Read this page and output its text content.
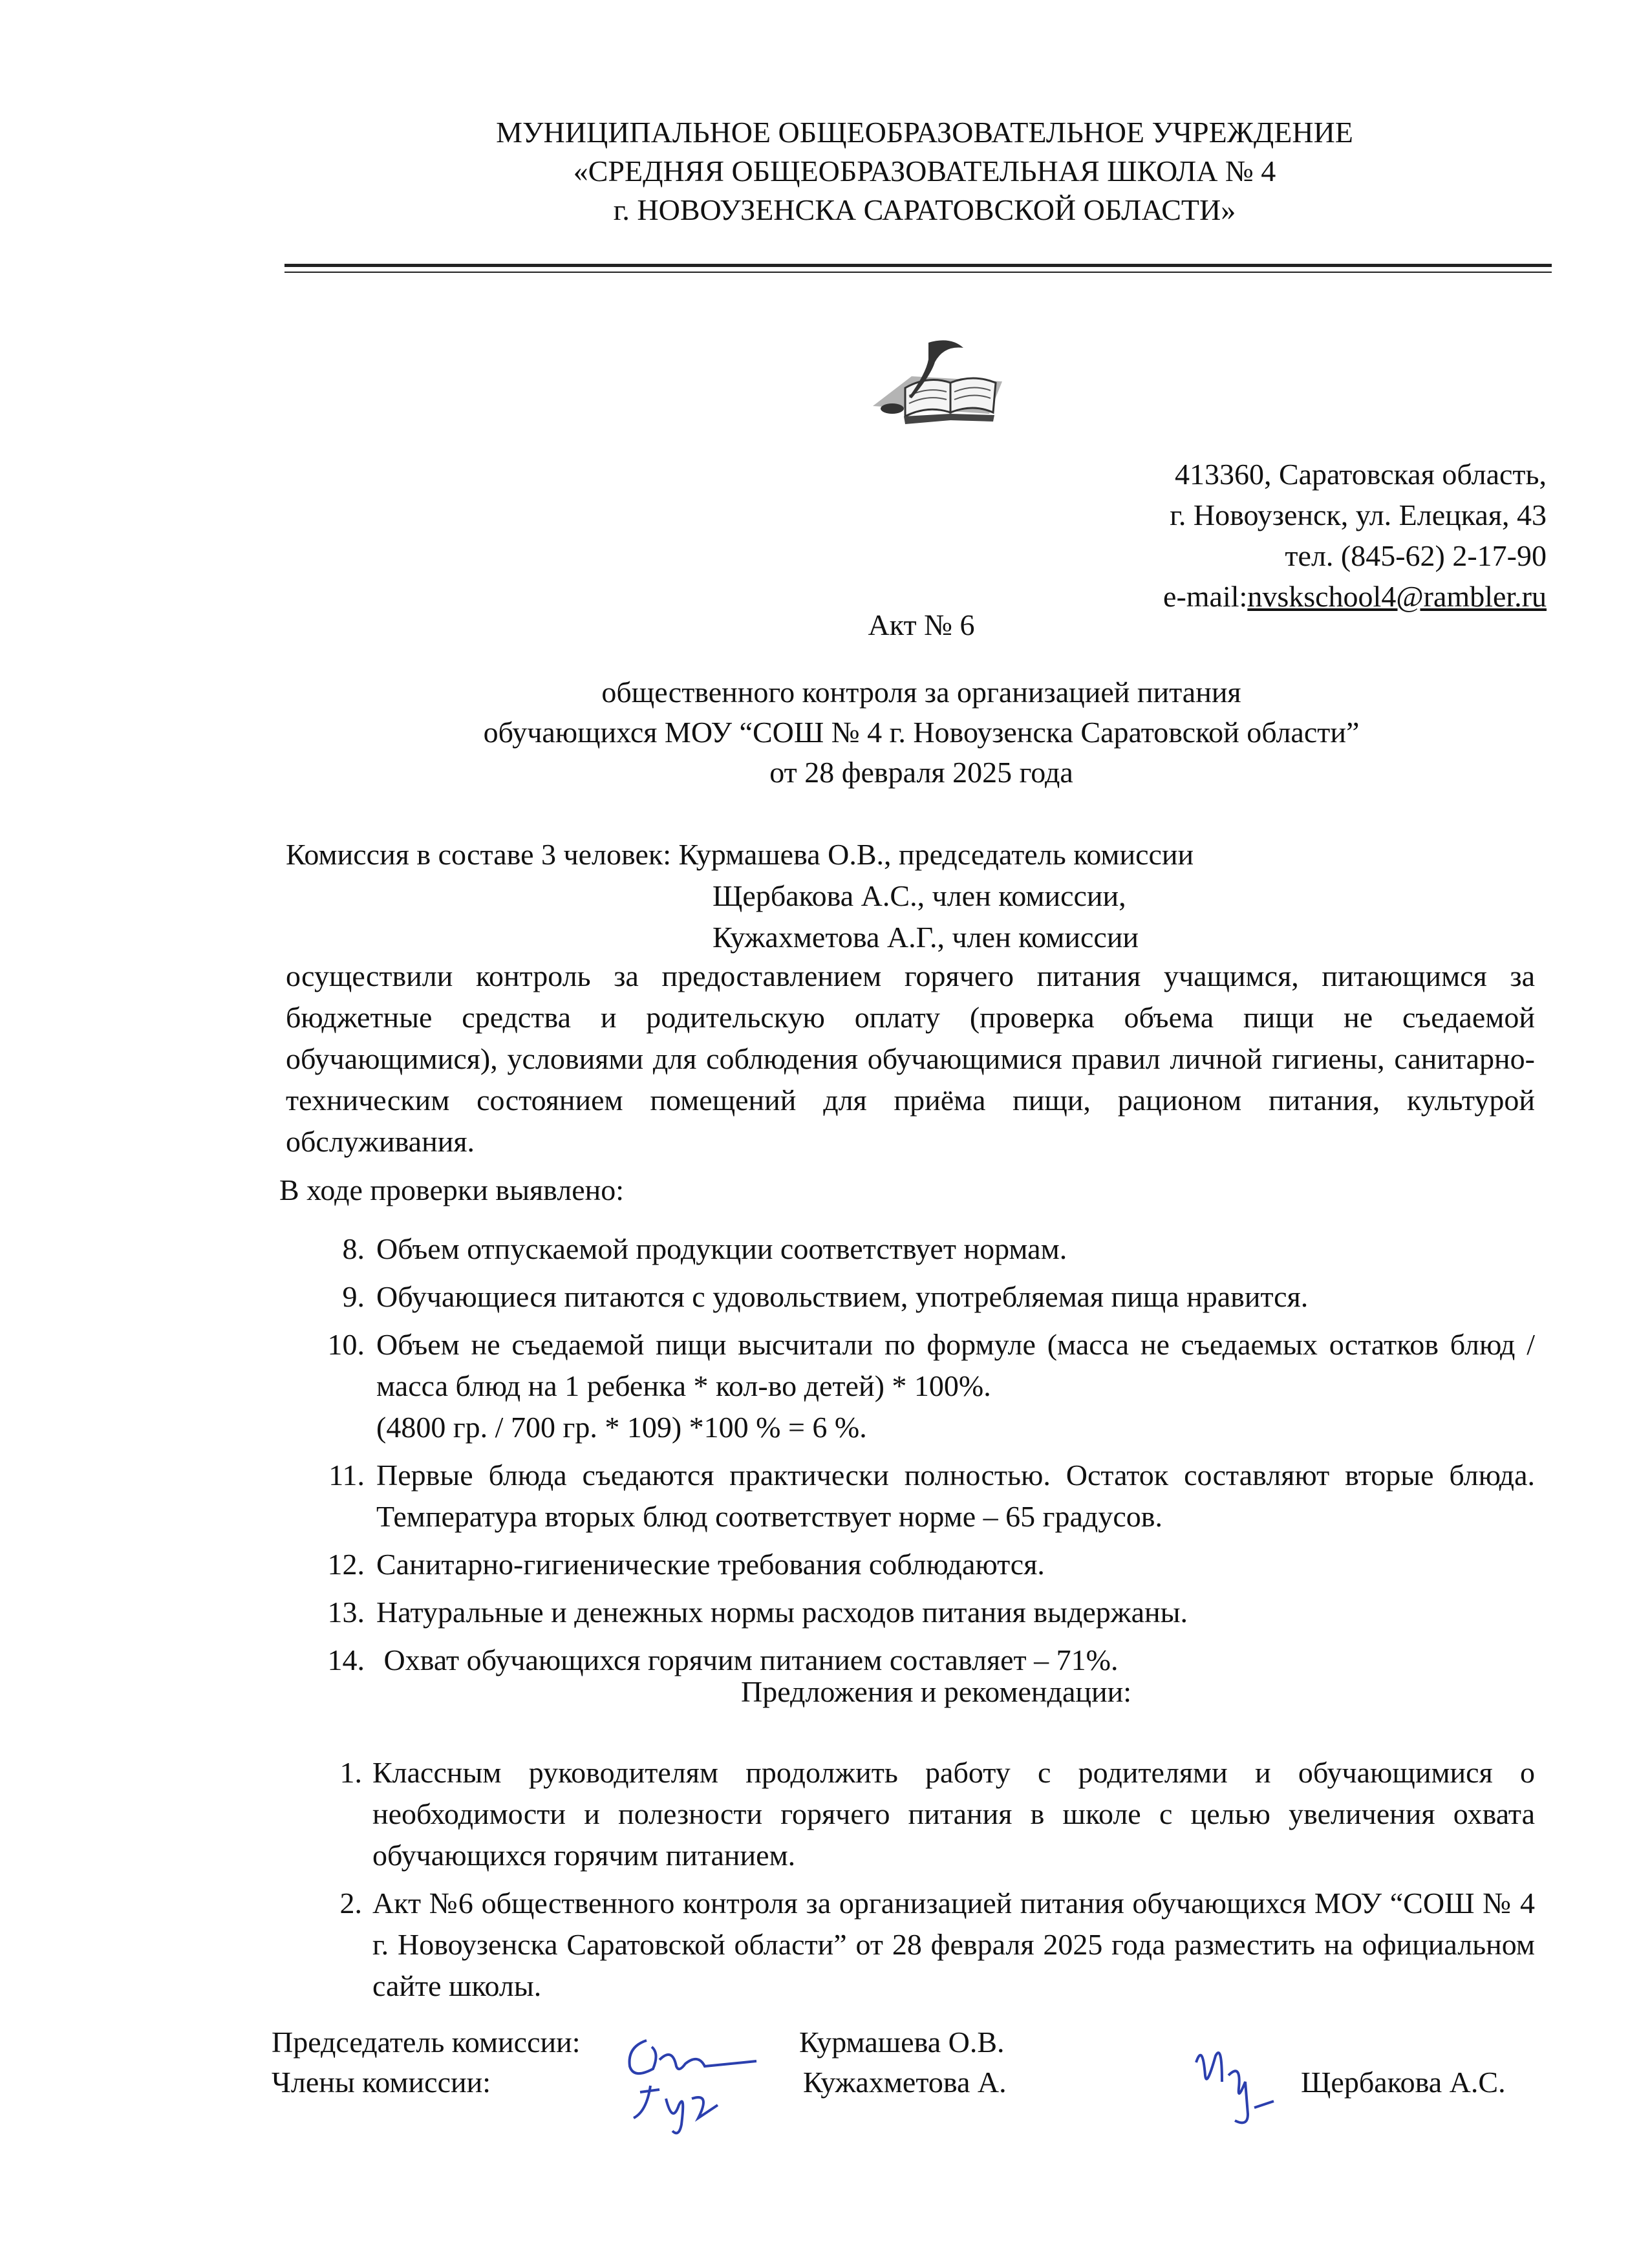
МУНИЦИПАЛЬНОЕ ОБЩЕОБРАЗОВАТЕЛЬНОЕ УЧРЕЖДЕНИЕ
«СРЕДНЯЯ ОБЩЕОБРАЗОВАТЕЛЬНАЯ ШКОЛА № 4
г. НОВОУЗЕНСКА САРАТОВСКОЙ ОБЛАСТИ»
413360, Саратовская область,
г. Новоузенск, ул. Елецкая, 43
тел. (845-62) 2-17-90
e-mail:nvskschool4@rambler.ru
Акт № 6
общественного контроля за организацией питания
обучающихся МОУ “СОШ № 4 г. Новоузенска Саратовской области”
от 28 февраля 2025 года
Комиссия в составе 3 человек: Курмашева О.В., председатель комиссии
Щербакова А.С., член комиссии,
Кужахметова А.Г., член комиссии
осуществили контроль за предоставлением горячего питания учащимся, питающимся за бюджетные средства и родительскую оплату (проверка объема пищи не съедаемой обучающимися), условиями для соблюдения обучающимися правил личной гигиены, санитарно-техническим состоянием помещений для приёма пищи, рационом питания, культурой обслуживания.
В ходе проверки выявлено:
8. Объем отпускаемой продукции соответствует нормам.
9. Обучающиеся питаются с удовольствием, употребляемая пища нравится.
10. Объем не съедаемой пищи высчитали по формуле (масса не съедаемых остатков блюд / масса блюд на 1 ребенка * кол-во детей) * 100%.
(4800 гр. / 700 гр. * 109) *100 % = 6 %.
11. Первые блюда съедаются практически полностью. Остаток составляют вторые блюда. Температура вторых блюд соответствует норме – 65 градусов.
12. Санитарно-гигиенические требования соблюдаются.
13. Натуральные и денежных нормы расходов питания выдержаны.
14. Охват обучающихся горячим питанием составляет – 71%.
Предложения и рекомендации:
1. Классным руководителям продолжить работу с родителями и обучающимися о необходимости и полезности горячего питания в школе с целью увеличения охвата обучающихся горячим питанием.
2. Акт №6 общественного контроля за организацией питания обучающихся МОУ “СОШ № 4 г. Новоузенска Саратовской области” от 28 февраля 2025 года разместить на официальном сайте школы.
Председатель комиссии:
Члены комиссии:
Курмашева О.В.
Кужахметова А.	Щербакова А.С.
